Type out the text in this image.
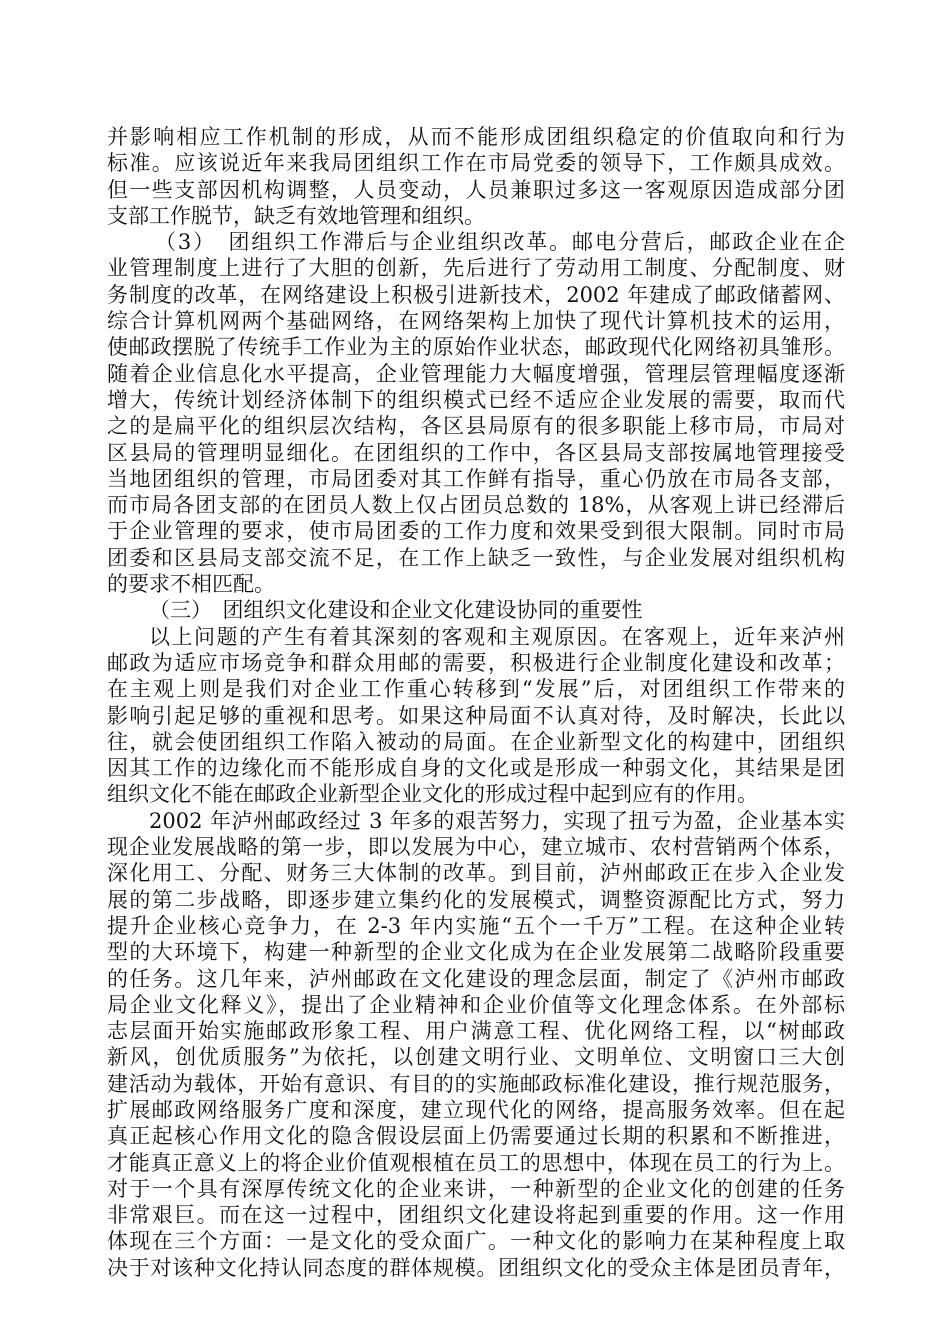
并影响相应工作机制的形成，从而不能形成团组织稳定的价值取向和行为
标准。应该说近年来我局团组织工作在市局党委的领导下，工作颇具成效。
但一些支部因机构调整，人员变动，人员兼职过多这一客观原因造成部分团
支部工作脱节，缺乏有效地管理和组织。
（3）　团组织工作滞后与企业组织改革。邮电分营后，邮政企业在企
业管理制度上进行了大胆的创新，先后进行了劳动用工制度、分配制度、财
务制度的改革，在网络建设上积极引进新技术，2002 年建成了邮政储蓄网、
综合计算机网两个基础网络，在网络架构上加快了现代计算机技术的运用，
使邮政摆脱了传统手工作业为主的原始作业状态，邮政现代化网络初具雏形。
随着企业信息化水平提高，企业管理能力大幅度增强，管理层管理幅度逐渐
增大，传统计划经济体制下的组织模式已经不适应企业发展的需要，取而代
之的是扁平化的组织层次结构，各区县局原有的很多职能上移市局，市局对
区县局的管理明显细化。在团组织的工作中，各区县局支部按属地管理接受
当地团组织的管理，市局团委对其工作鲜有指导，重心仍放在市局各支部，
而市局各团支部的在团员人数上仅占团员总数的 18%，从客观上讲已经滞后
于企业管理的要求，使市局团委的工作力度和效果受到很大限制。同时市局
团委和区县局支部交流不足，在工作上缺乏一致性，与企业发展对组织机构
的要求不相匹配。
（三）　团组织文化建设和企业文化建设协同的重要性
以上问题的产生有着其深刻的客观和主观原因。在客观上，近年来泸州
邮政为适应市场竞争和群众用邮的需要，积极进行企业制度化建设和改革；
在主观上则是我们对企业工作重心转移到“发展”后，对团组织工作带来的
影响引起足够的重视和思考。如果这种局面不认真对待，及时解决，长此以
往，就会使团组织工作陷入被动的局面。在企业新型文化的构建中，团组织
因其工作的边缘化而不能形成自身的文化或是形成一种弱文化，其结果是团
组织文化不能在邮政企业新型企业文化的形成过程中起到应有的作用。
2002 年泸州邮政经过 3 年多的艰苦努力，实现了扭亏为盈，企业基本实
现企业发展战略的第一步，即以发展为中心，建立城市、农村营销两个体系，
深化用工、分配、财务三大体制的改革。到目前，泸州邮政正在步入企业发
展的第二步战略，即逐步建立集约化的发展模式，调整资源配比方式，努力
提升企业核心竞争力，在 2-3 年内实施“五个一千万”工程。在这种企业转
型的大环境下，构建一种新型的企业文化成为在企业发展第二战略阶段重要
的任务。这几年来，泸州邮政在文化建设的理念层面，制定了《泸州市邮政
局企业文化释义》，提出了企业精神和企业价值等文化理念体系。在外部标
志层面开始实施邮政形象工程、用户满意工程、优化网络工程，以“树邮政
新风，创优质服务”为依托，以创建文明行业、文明单位、文明窗口三大创
建活动为载体，开始有意识、有目的的实施邮政标准化建设，推行规范服务，
扩展邮政网络服务广度和深度，建立现代化的网络，提高服务效率。但在起
真正起核心作用文化的隐含假设层面上仍需要通过长期的积累和不断推进，
才能真正意义上的将企业价值观根植在员工的思想中，体现在员工的行为上。
对于一个具有深厚传统文化的企业来讲，一种新型的企业文化的创建的任务
非常艰巨。而在这一过程中，团组织文化建设将起到重要的作用。这一作用
体现在三个方面：一是文化的受众面广。一种文化的影响力在某种程度上取
决于对该种文化持认同态度的群体规模。团组织文化的受众主体是团员青年，
